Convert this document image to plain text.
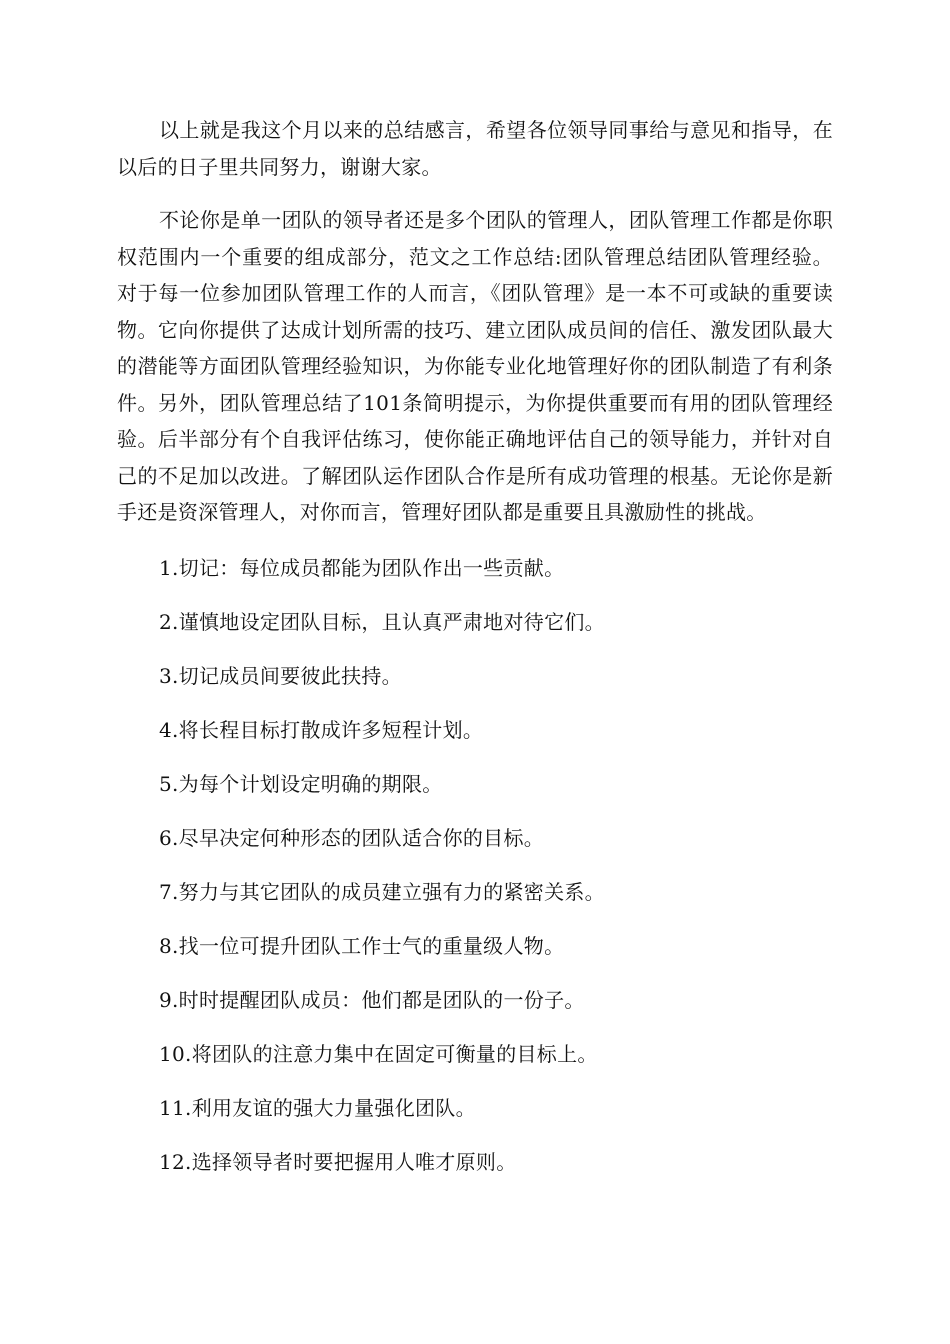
以上就是我这个月以来的总结感言，希望各位领导同事给与意见和指导，在以后的日子里共同努力，谢谢大家。

不论你是单一团队的领导者还是多个团队的管理人，团队管理工作都是你职权范围内一个重要的组成部分，范文之工作总结:团队管理总结团队管理经验。对于每一位参加团队管理工作的人而言，《团队管理》是一本不可或缺的重要读物。它向你提供了达成计划所需的技巧、建立团队成员间的信任、激发团队最大的潜能等方面团队管理经验知识，为你能专业化地管理好你的团队制造了有利条件。另外，团队管理总结了101条简明提示，为你提供重要而有用的团队管理经验。后半部分有个自我评估练习，使你能正确地评估自己的领导能力，并针对自己的不足加以改进。了解团队运作团队合作是所有成功管理的根基。无论你是新手还是资深管理人，对你而言，管理好团队都是重要且具激励性的挑战。

1.切记：每位成员都能为团队作出一些贡献。
2.谨慎地设定团队目标，且认真严肃地对待它们。
3.切记成员间要彼此扶持。
4.将长程目标打散成许多短程计划。
5.为每个计划设定明确的期限。
6.尽早决定何种形态的团队适合你的目标。
7.努力与其它团队的成员建立强有力的紧密关系。
8.找一位可提升团队工作士气的重量级人物。
9.时时提醒团队成员：他们都是团队的一份子。
10.将团队的注意力集中在固定可衡量的目标上。
11.利用友谊的强大力量强化团队。
12.选择领导者时要把握用人唯才原则。
